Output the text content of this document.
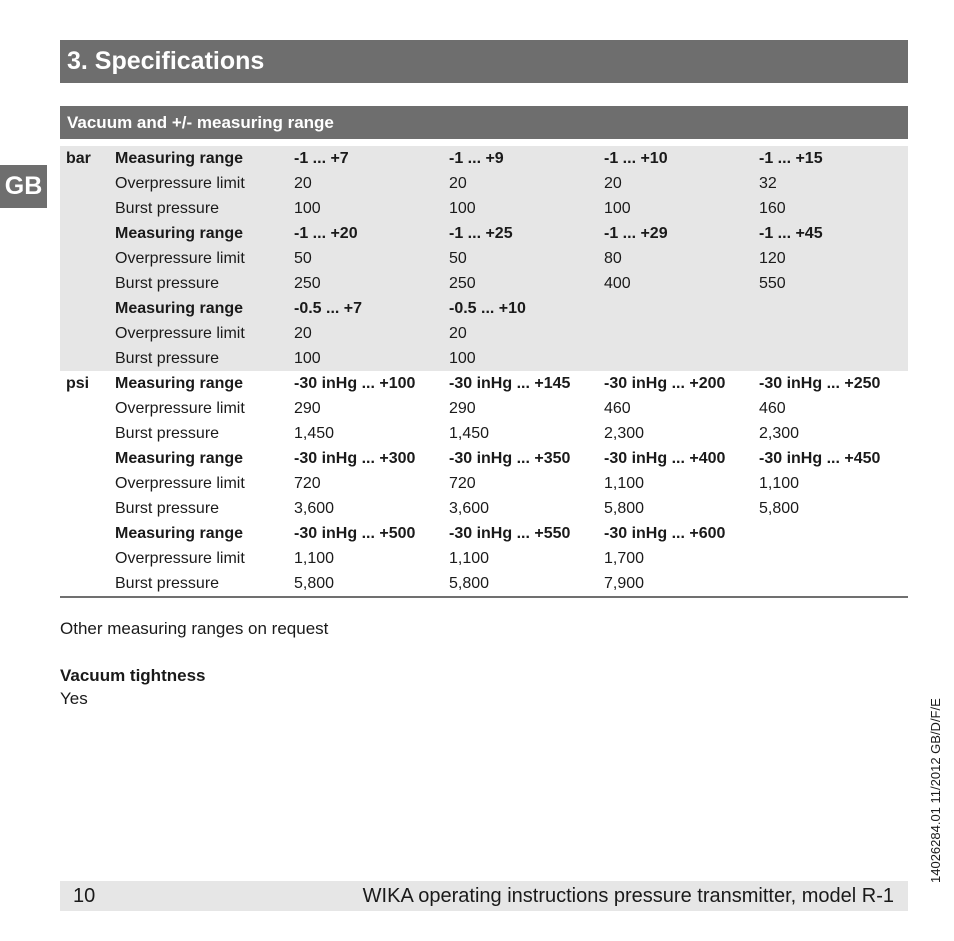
3. Specifications
GB
Vacuum and +/- measuring range
bar	Measuring range	-1 ... +7	-1 ... +9	-1 ... +10	-1 ... +15
	Overpressure limit	20	20	20	32
	Burst pressure	100	100	100	160
	Measuring range	-1 ... +20	-1 ... +25	-1 ... +29	-1 ... +45
	Overpressure limit	50	50	80	120
	Burst pressure	250	250	400	550
	Measuring range	-0.5 ... +7	-0.5 ... +10		
	Overpressure limit	20	20		
	Burst pressure	100	100		
psi	Measuring range	-30 inHg ... +100	-30 inHg ... +145	-30 inHg ... +200	-30 inHg ... +250
	Overpressure limit	290	290	460	460
	Burst pressure	1,450	1,450	2,300	2,300
	Measuring range	-30 inHg ... +300	-30 inHg ... +350	-30 inHg ... +400	-30 inHg ... +450
	Overpressure limit	720	720	1,100	1,100
	Burst pressure	3,600	3,600	5,800	5,800
	Measuring range	-30 inHg ... +500	-30 inHg ... +550	-30 inHg ... +600	
	Overpressure limit	1,100	1,100	1,700	
	Burst pressure	5,800	5,800	7,900	
Other measuring ranges on request
Vacuum tightness
Yes
10	WIKA operating instructions pressure transmitter, model R-1
14026284.01 11/2012 GB/D/F/E
